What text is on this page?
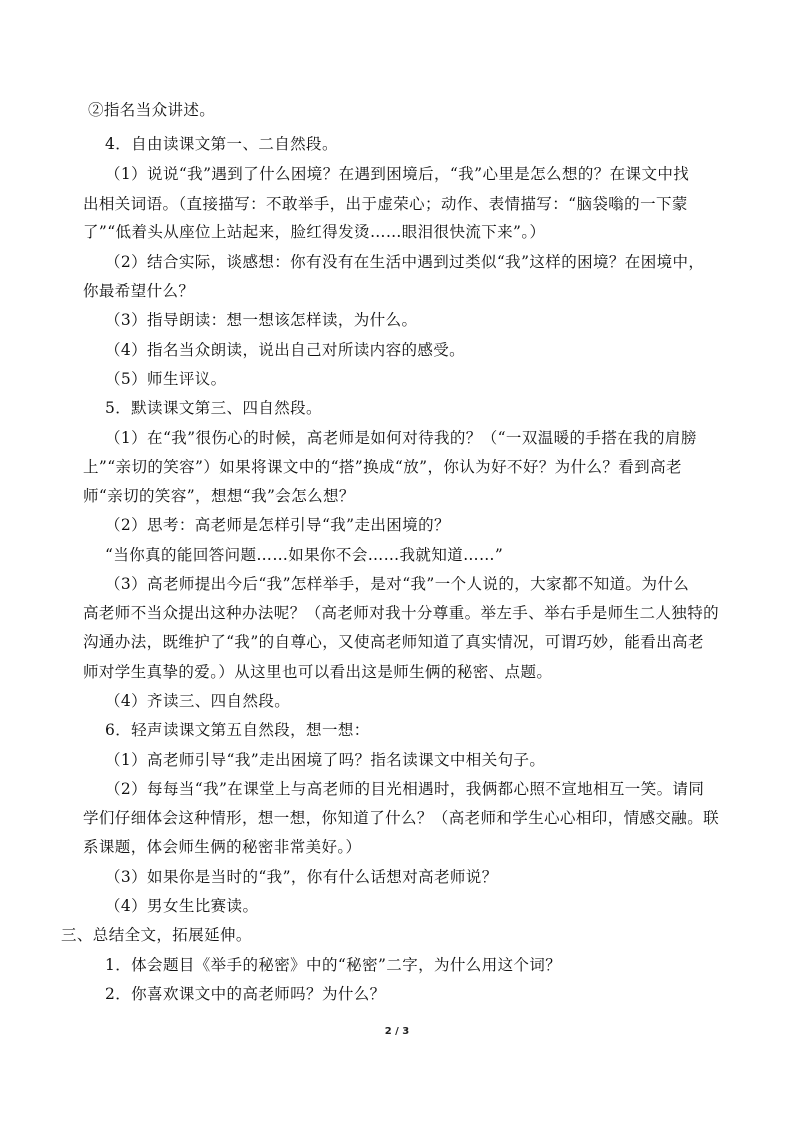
②指名当众讲述。
4．自由读课文第一、二自然段。
（1）说说“我”遇到了什么困境？在遇到困境后，“我”心里是怎么想的？在课文中找
出相关词语。（直接描写：不敢举手，出于虚荣心；动作、表情描写：“脑袋嗡的一下蒙
了”“低着头从座位上站起来，脸红得发烫……眼泪很快流下来”。）
（2）结合实际，谈感想：你有没有在生活中遇到过类似“我”这样的困境？在困境中，
你最希望什么？
（3）指导朗读：想一想该怎样读，为什么。
（4）指名当众朗读，说出自己对所读内容的感受。
（5）师生评议。
5．默读课文第三、四自然段。
（1）在“我”很伤心的时候，高老师是如何对待我的？（“一双温暖的手搭在我的肩膀
上”“亲切的笑容”）如果将课文中的“搭”换成“放”，你认为好不好？为什么？看到高老
师“亲切的笑容”，想想“我”会怎么想？
（2）思考：高老师是怎样引导“我”走出困境的？
“当你真的能回答问题……如果你不会……我就知道……”
（3）高老师提出今后“我”怎样举手，是对“我”一个人说的，大家都不知道。为什么
高老师不当众提出这种办法呢？（高老师对我十分尊重。举左手、举右手是师生二人独特的
沟通办法，既维护了“我”的自尊心，又使高老师知道了真实情况，可谓巧妙，能看出高老
师对学生真挚的爱。）从这里也可以看出这是师生俩的秘密、点题。
（4）齐读三、四自然段。
6．轻声读课文第五自然段，想一想：
（1）高老师引导“我”走出困境了吗？指名读课文中相关句子。
（2）每每当“我”在课堂上与高老师的目光相遇时，我俩都心照不宣地相互一笑。请同
学们仔细体会这种情形，想一想，你知道了什么？（高老师和学生心心相印，情感交融。联
系课题，体会师生俩的秘密非常美好。）
（3）如果你是当时的“我”，你有什么话想对高老师说？
（4）男女生比赛读。
三、总结全文，拓展延伸。
1．体会题目《举手的秘密》中的“秘密”二字，为什么用这个词？
2．你喜欢课文中的高老师吗？为什么？
2 / 3
